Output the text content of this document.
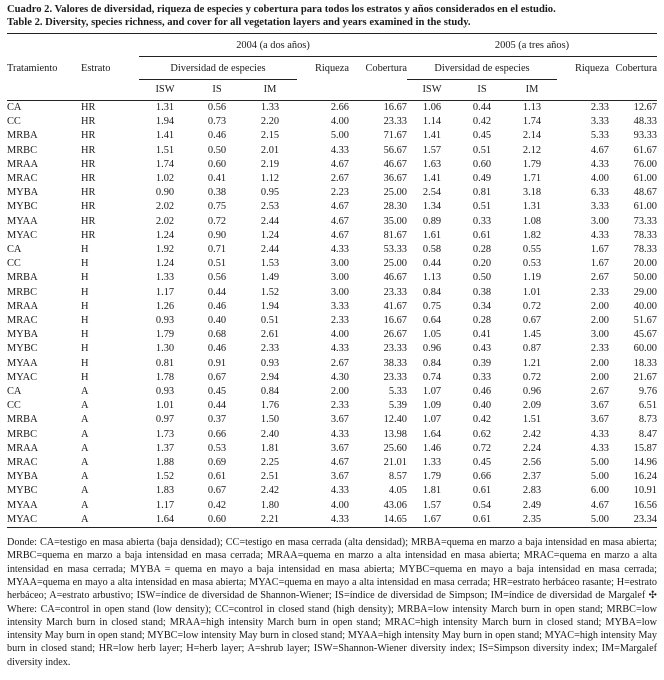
Cuadro 2. Valores de diversidad, riqueza de especies y cobertura para todos los estratos y años considerados en el estudio.
Table 2. Diversity, species richness, and cover for all vegetation layers and years examined in the study.
		2004 (a dos años)					2005 (a tres años)				
Tratamiento	Estrato	Diversidad de especies			Riqueza	Cobertura	Diversidad de especies			Riqueza	Cobertura
		ISW	IS	IM			ISW	IS	IM		
CA	HR	1.31	0.56	1.33	2.66	16.67	1.06	0.44	1.13	2.33	12.67
CC	HR	1.94	0.73	2.20	4.00	23.33	1.14	0.42	1.74	3.33	48.33
MRBA	HR	1.41	0.46	2.15	5.00	71.67	1.41	0.45	2.14	5.33	93.33
MRBC	HR	1.51	0.50	2.01	4.33	56.67	1.57	0.51	2.12	4.67	61.67
MRAA	HR	1.74	0.60	2.19	4.67	46.67	1.63	0.60	1.79	4.33	76.00
MRAC	HR	1.02	0.41	1.12	2.67	36.67	1.41	0.49	1.71	4.00	61.00
MYBA	HR	0.90	0.38	0.95	2.23	25.00	2.54	0.81	3.18	6.33	48.67
MYBC	HR	2.02	0.75	2.53	4.67	28.30	1.34	0.51	1.31	3.33	61.00
MYAA	HR	2.02	0.72	2.44	4.67	35.00	0.89	0.33	1.08	3.00	73.33
MYAC	HR	1.24	0.90	1.24	4.67	81.67	1.61	0.61	1.82	4.33	78.33
CA	H	1.92	0.71	2.44	4.33	53.33	0.58	0.28	0.55	1.67	78.33
CC	H	1.24	0.51	1.53	3.00	25.00	0.44	0.20	0.53	1.67	20.00
MRBA	H	1.33	0.56	1.49	3.00	46.67	1.13	0.50	1.19	2.67	50.00
MRBC	H	1.17	0.44	1.52	3.00	23.33	0.84	0.38	1.01	2.33	29.00
MRAA	H	1.26	0.46	1.94	3.33	41.67	0.75	0.34	0.72	2.00	40.00
MRAC	H	0.93	0.40	0.51	2.33	16.67	0.64	0.28	0.67	2.00	51.67
MYBA	H	1.79	0.68	2.61	4.00	26.67	1.05	0.41	1.45	3.00	45.67
MYBC	H	1.30	0.46	2.33	4.33	23.33	0.96	0.43	0.87	2.33	60.00
MYAA	H	0.81	0.91	0.93	2.67	38.33	0.84	0.39	1.21	2.00	18.33
MYAC	H	1.78	0.67	2.94	4.30	23.33	0.74	0.33	0.72	2.00	21.67
CA	A	0.93	0.45	0.84	2.00	5.33	1.07	0.46	0.96	2.67	9.76
CC	A	1.01	0.44	1.76	2.33	5.39	1.09	0.40	2.09	3.67	6.51
MRBA	A	0.97	0.37	1.50	3.67	12.40	1.07	0.42	1.51	3.67	8.73
MRBC	A	1.73	0.66	2.40	4.33	13.98	1.64	0.62	2.42	4.33	8.47
MRAA	A	1.37	0.53	1.81	3.67	25.60	1.46	0.72	2.24	4.33	15.87
MRAC	A	1.88	0.69	2.25	4.67	21.01	1.33	0.45	2.56	5.00	14.96
MYBA	A	1.52	0.61	2.51	3.67	8.57	1.79	0.66	2.37	5.00	16.24
MYBC	A	1.83	0.67	2.42	4.33	4.05	1.81	0.61	2.83	6.00	10.91
MYAA	A	1.17	0.42	1.80	4.00	43.06	1.57	0.54	2.49	4.67	16.56
MYAC	A	1.64	0.60	2.21	4.33	14.65	1.67	0.61	2.35	5.00	23.34
Donde: CA=testigo en masa abierta (baja densidad); CC=testigo en masa cerrada (alta densidad); MRBA=quema en marzo a baja intensidad en masa abierta; MRBC=quema en marzo a baja intensidad en masa cerrada; MRAA=quema en marzo a alta intensidad en masa abierta; MRAC=quema en marzo a alta intensidad en masa cerrada; MYBA = quema en mayo a baja intensidad en masa abierta; MYBC=quema en mayo a baja intensidad en masa cerrada; MYAA=quema en mayo a alta intensidad en masa abierta; MYAC=quema en mayo a alta intensidad en masa cerrada; HR=estrato herbáceo rasante; H=estrato herbáceo; A=estrato arbustivo; ISW=índice de diversidad de Shannon-Wiener; IS=índice de diversidad de Simpson; IM=índice de diversidad de Margalef ✣ Where: CA=control in open stand (low density); CC=control in closed stand (high density); MRBA=low intensity March burn in open stand; MRBC=low intensity March burn in closed stand; MRAA=high intensity March burn in open stand; MRAC=high intensity March burn in closed stand; MYBA=low intensity May burn in open stand; MYBC=low intensity May burn in closed stand; MYAA=high intensity May burn in open stand; MYAC=high intensity May burn in closed stand; HR=low herb layer; H=herb layer; A=shrub layer; ISW=Shannon-Wiener diversity index; IS=Simpson diversity index; IM=Margalef diversity index.
